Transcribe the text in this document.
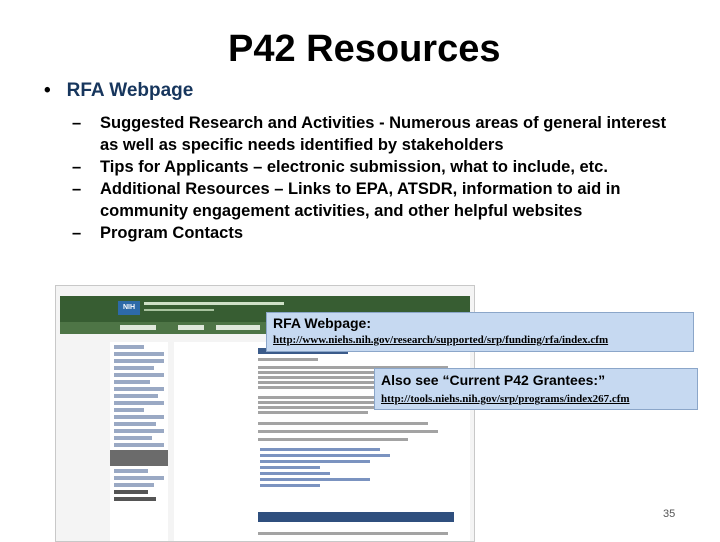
P42 Resources
• RFA Webpage
– Suggested Research and Activities - Numerous areas of general interest as well as specific needs identified by stakeholders
– Tips for Applicants – electronic submission, what to include, etc.
– Additional Resources – Links to EPA, ATSDR, information to aid in community engagement activities, and other helpful websites
– Program Contacts
NIH
RFA Webpage:
http://www.niehs.nih.gov/research/supported/srp/funding/rfa/index.cfm
Also see “Current P42 Grantees:”
http://tools.niehs.nih.gov/srp/programs/index267.cfm
35
